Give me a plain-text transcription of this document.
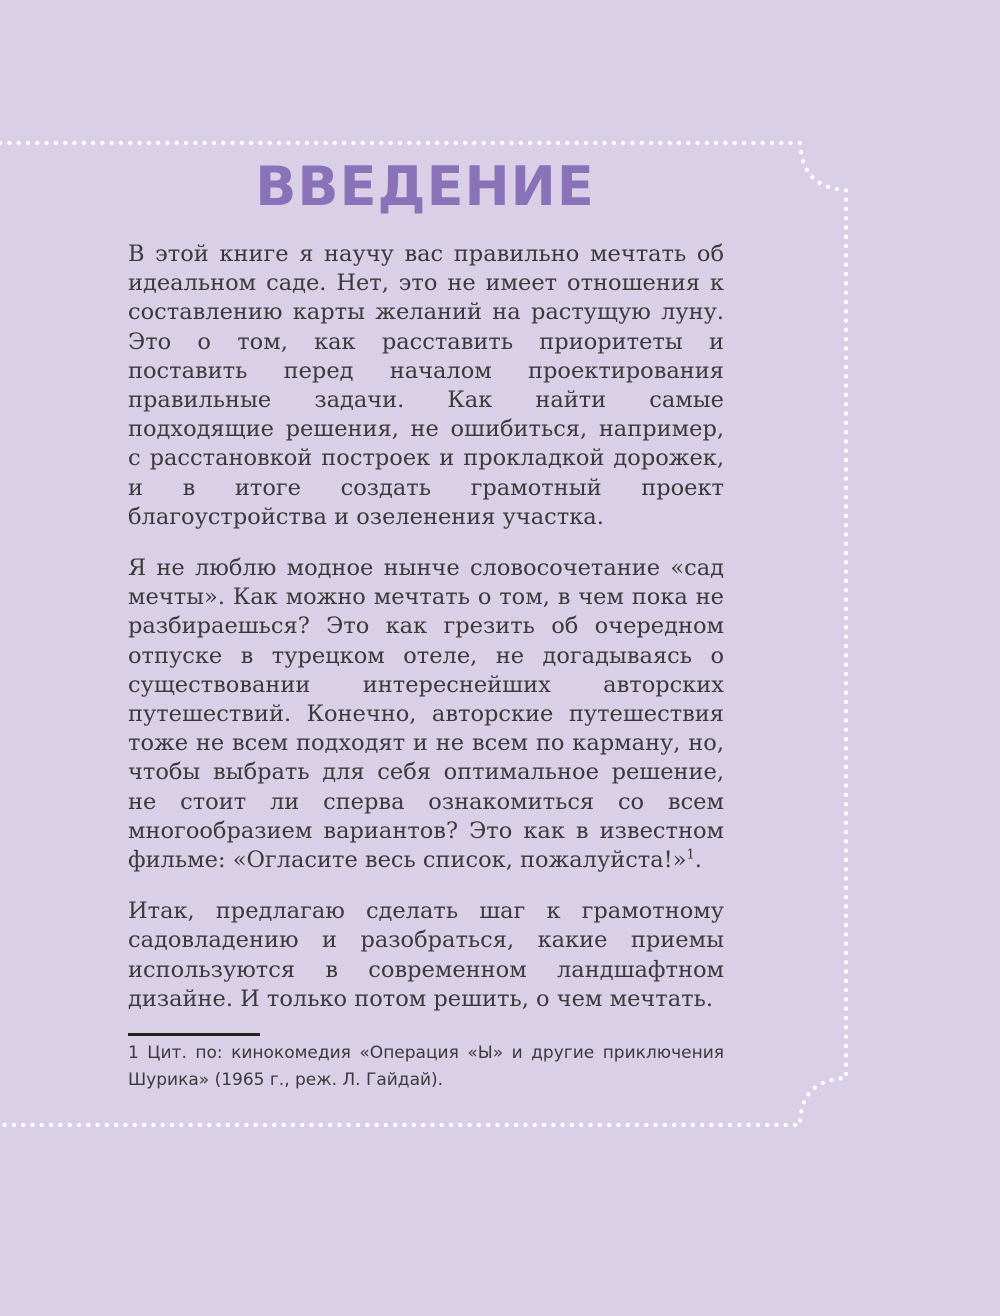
ВВЕДЕНИЕ

В этой книге я научу вас правильно мечтать об идеальном саде. Нет, это не имеет отношения к составлению карты желаний на растущую луну. Это о том, как расставить приоритеты и поставить перед началом проектирования правильные задачи. Как найти самые подходящие решения, не ошибиться, например, с расстановкой построек и прокладкой дорожек, и в итоге создать грамотный проект благоустройства и озеленения участка.

Я не люблю модное нынче словосочетание «сад мечты». Как можно мечтать о том, в чем пока не разбираешься? Это как грезить об очередном отпуске в турецком отеле, не догадываясь о существовании интереснейших авторских путешествий. Конечно, авторские путешествия тоже не всем подходят и не всем по карману, но, чтобы выбрать для себя оптимальное решение, не стоит ли сперва ознакомиться со всем многообразием вариантов? Это как в известном фильме: «Огласите весь список, пожалуйста!»$^1$.

Итак, предлагаю сделать шаг к грамотному садовладению и разобраться, какие приемы используются в современном ландшафтном дизайне. И только потом решить, о чем мечтать.

1 Цит. по: кинокомедия «Операция «Ы» и другие приключения Шурика» (1965 г., реж. Л. Гайдай).
